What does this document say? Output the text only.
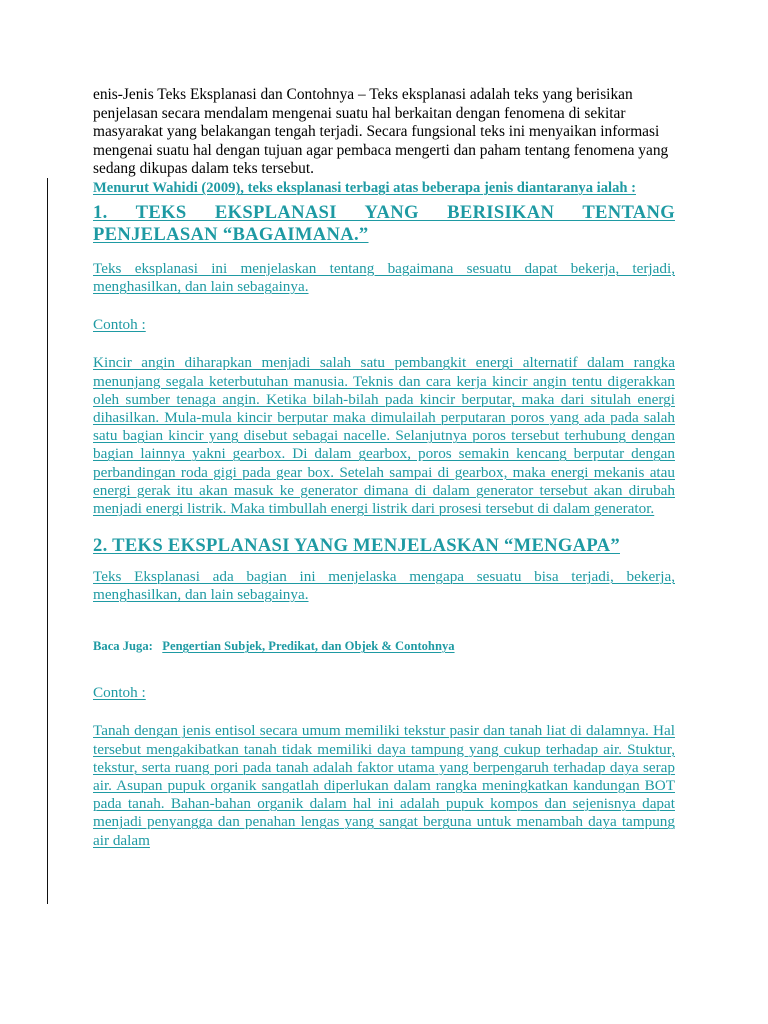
enis-Jenis Teks Eksplanasi dan Contohnya – Teks eksplanasi adalah teks yang berisikan penjelasan secara mendalam mengenai suatu hal berkaitan dengan fenomena di sekitar masyarakat yang belakangan tengah terjadi. Secara fungsional teks ini menyaikan informasi mengenai suatu hal dengan tujuan agar pembaca mengerti dan paham tentang fenomena yang sedang dikupas dalam teks tersebut.

Menurut Wahidi (2009), teks eksplanasi terbagi atas beberapa jenis diantaranya ialah :

1. TEKS EKSPLANASI YANG BERISIKAN TENTANG PENJELASAN “BAGAIMANA.”

Teks eksplanasi ini menjelaskan tentang bagaimana sesuatu dapat bekerja, terjadi, menghasilkan, dan lain sebagainya.

Contoh :

Kincir angin diharapkan menjadi salah satu pembangkit energi alternatif dalam rangka menunjang segala keterbutuhan manusia. Teknis dan cara kerja kincir angin tentu digerakkan oleh sumber tenaga angin. Ketika bilah-bilah pada kincir berputar, maka dari situlah energi dihasilkan. Mula-mula kincir berputar maka dimulailah perputaran poros yang ada pada salah satu bagian kincir yang disebut sebagai nacelle. Selanjutnya poros tersebut terhubung dengan bagian lainnya yakni gearbox. Di dalam gearbox, poros semakin kencang berputar dengan perbandingan roda gigi pada gear box. Setelah sampai di gearbox, maka energi mekanis atau energi gerak itu akan masuk ke generator dimana di dalam generator tersebut akan dirubah menjadi energi listrik. Maka timbullah energi listrik dari prosesi tersebut di dalam generator.

2. TEKS EKSPLANASI YANG MENJELASKAN “MENGAPA”

Teks Eksplanasi ada bagian ini menjelaska mengapa sesuatu bisa terjadi, bekerja, menghasilkan, dan lain sebagainya.

Baca Juga: Pengertian Subjek, Predikat, dan Objek & Contohnya

Contoh :

Tanah dengan jenis entisol secara umum memiliki tekstur pasir dan tanah liat di dalamnya. Hal tersebut mengakibatkan tanah tidak memiliki daya tampung yang cukup terhadap air. Stuktur, tekstur, serta ruang pori pada tanah adalah faktor utama yang berpengaruh terhadap daya serap air. Asupan pupuk organik sangatlah diperlukan dalam rangka meningkatkan kandungan BOT pada tanah. Bahan-bahan organik dalam hal ini adalah pupuk kompos dan sejenisnya dapat menjadi penyangga dan penahan lengas yang sangat berguna untuk menambah daya tampung air dalam
